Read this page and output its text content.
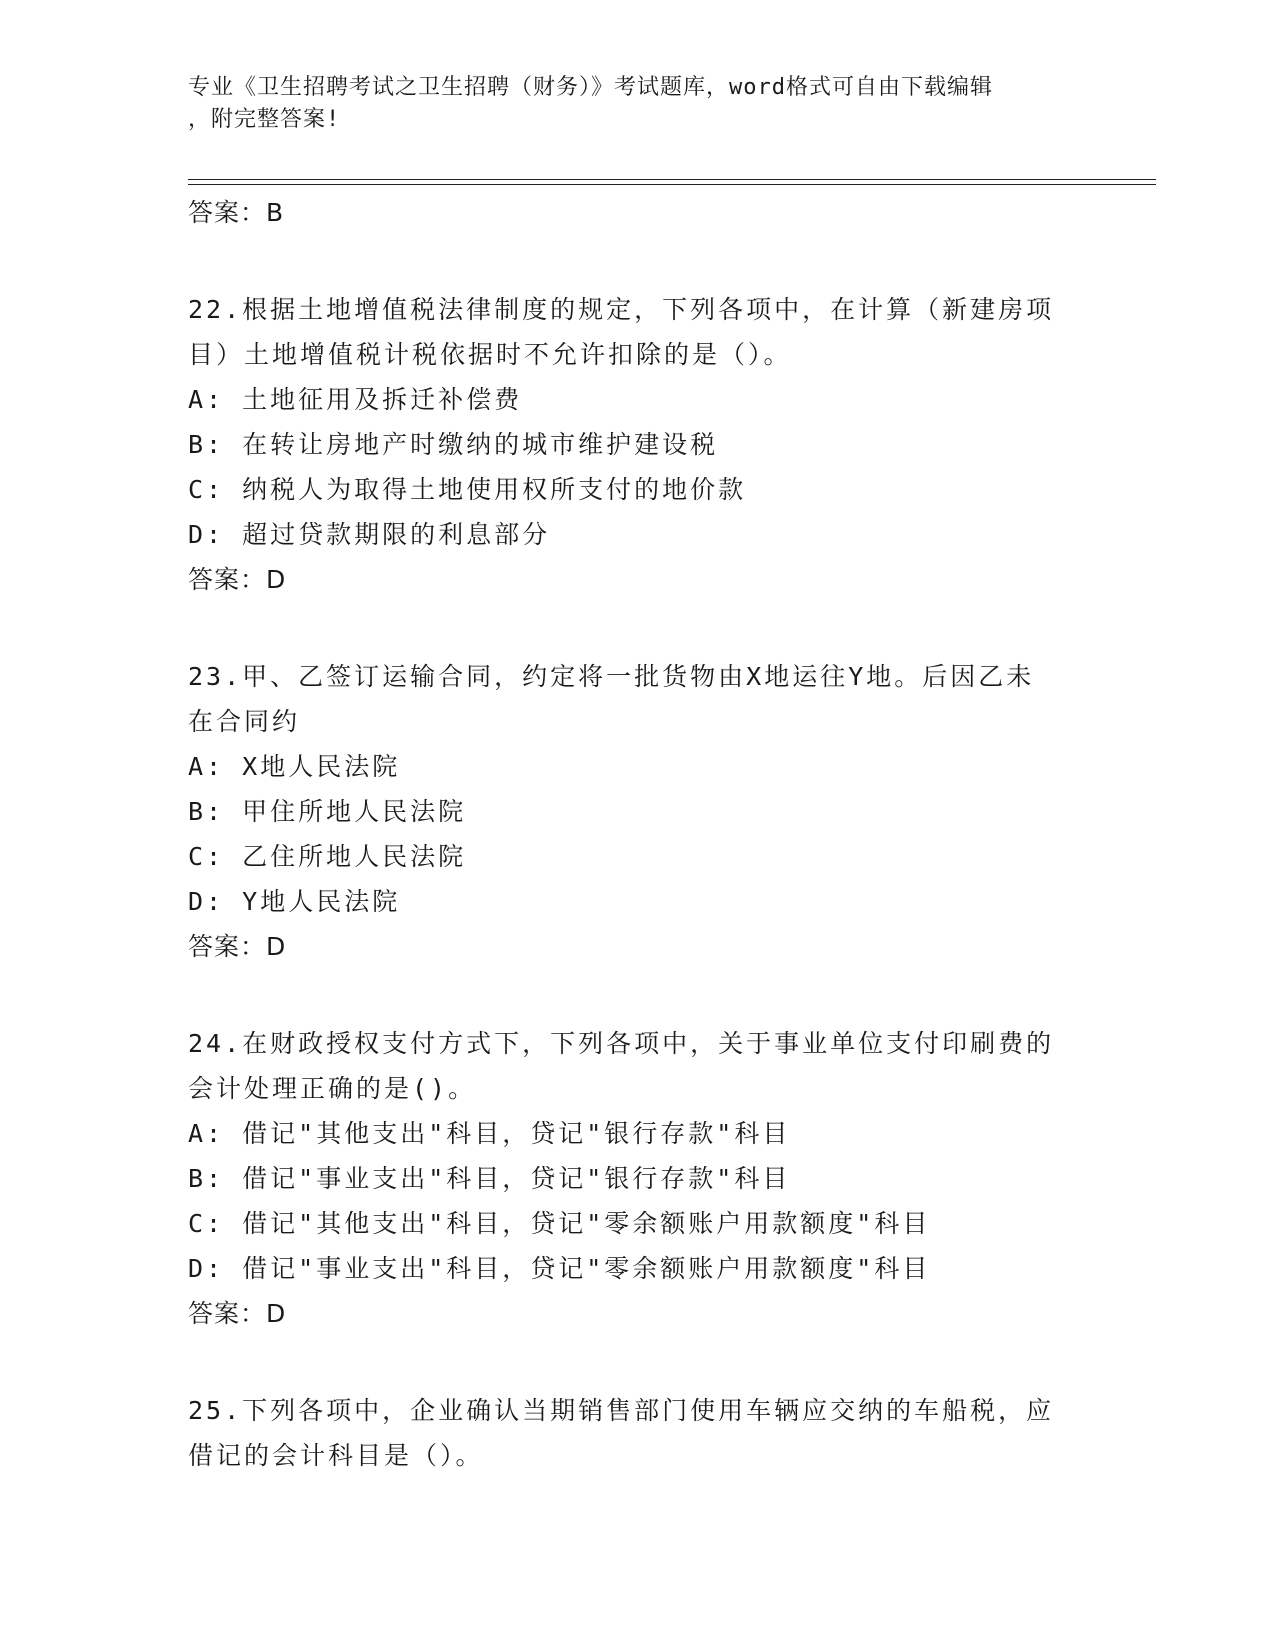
专业《卫生招聘考试之卫生招聘（财务）》考试题库，word格式可自由下载编辑
，附完整答案!
答案：B
22.根据土地增值税法律制度的规定，下列各项中，在计算（新建房项
目）土地增值税计税依据时不允许扣除的是（）。
A: 土地征用及拆迁补偿费
B: 在转让房地产时缴纳的城市维护建设税
C: 纳税人为取得土地使用权所支付的地价款
D: 超过贷款期限的利息部分
答案：D
23.甲、乙签订运输合同，约定将一批货物由X地运往Y地。后因乙未
在合同约
A: X地人民法院
B: 甲住所地人民法院
C: 乙住所地人民法院
D: Y地人民法院
答案：D
24.在财政授权支付方式下，下列各项中，关于事业单位支付印刷费的
会计处理正确的是()。
A: 借记"其他支出"科目，贷记"银行存款"科目
B: 借记"事业支出"科目，贷记"银行存款"科目
C: 借记"其他支出"科目，贷记"零余额账户用款额度"科目
D: 借记"事业支出"科目，贷记"零余额账户用款额度"科目
答案：D
25.下列各项中，企业确认当期销售部门使用车辆应交纳的车船税，应
借记的会计科目是（）。
